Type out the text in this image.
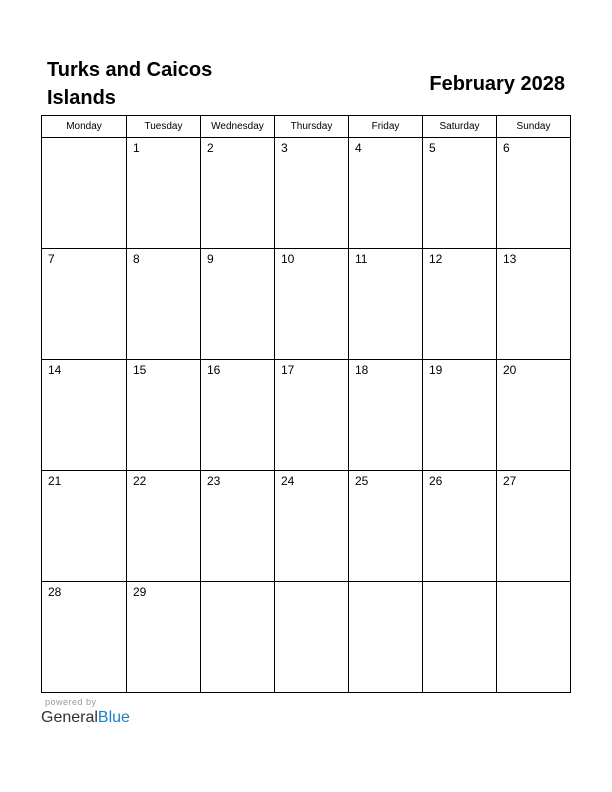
Turks and Caicos Islands
February 2028
Monday	Tuesday	Wednesday	Thursday	Friday	Saturday	Sunday

	1	2	3	4	5	6

7	8	9	10	11	12	13

14	15	16	17	18	19	20

21	22	23	24	25	26	27

28	29					

powered by
GeneralBlue
